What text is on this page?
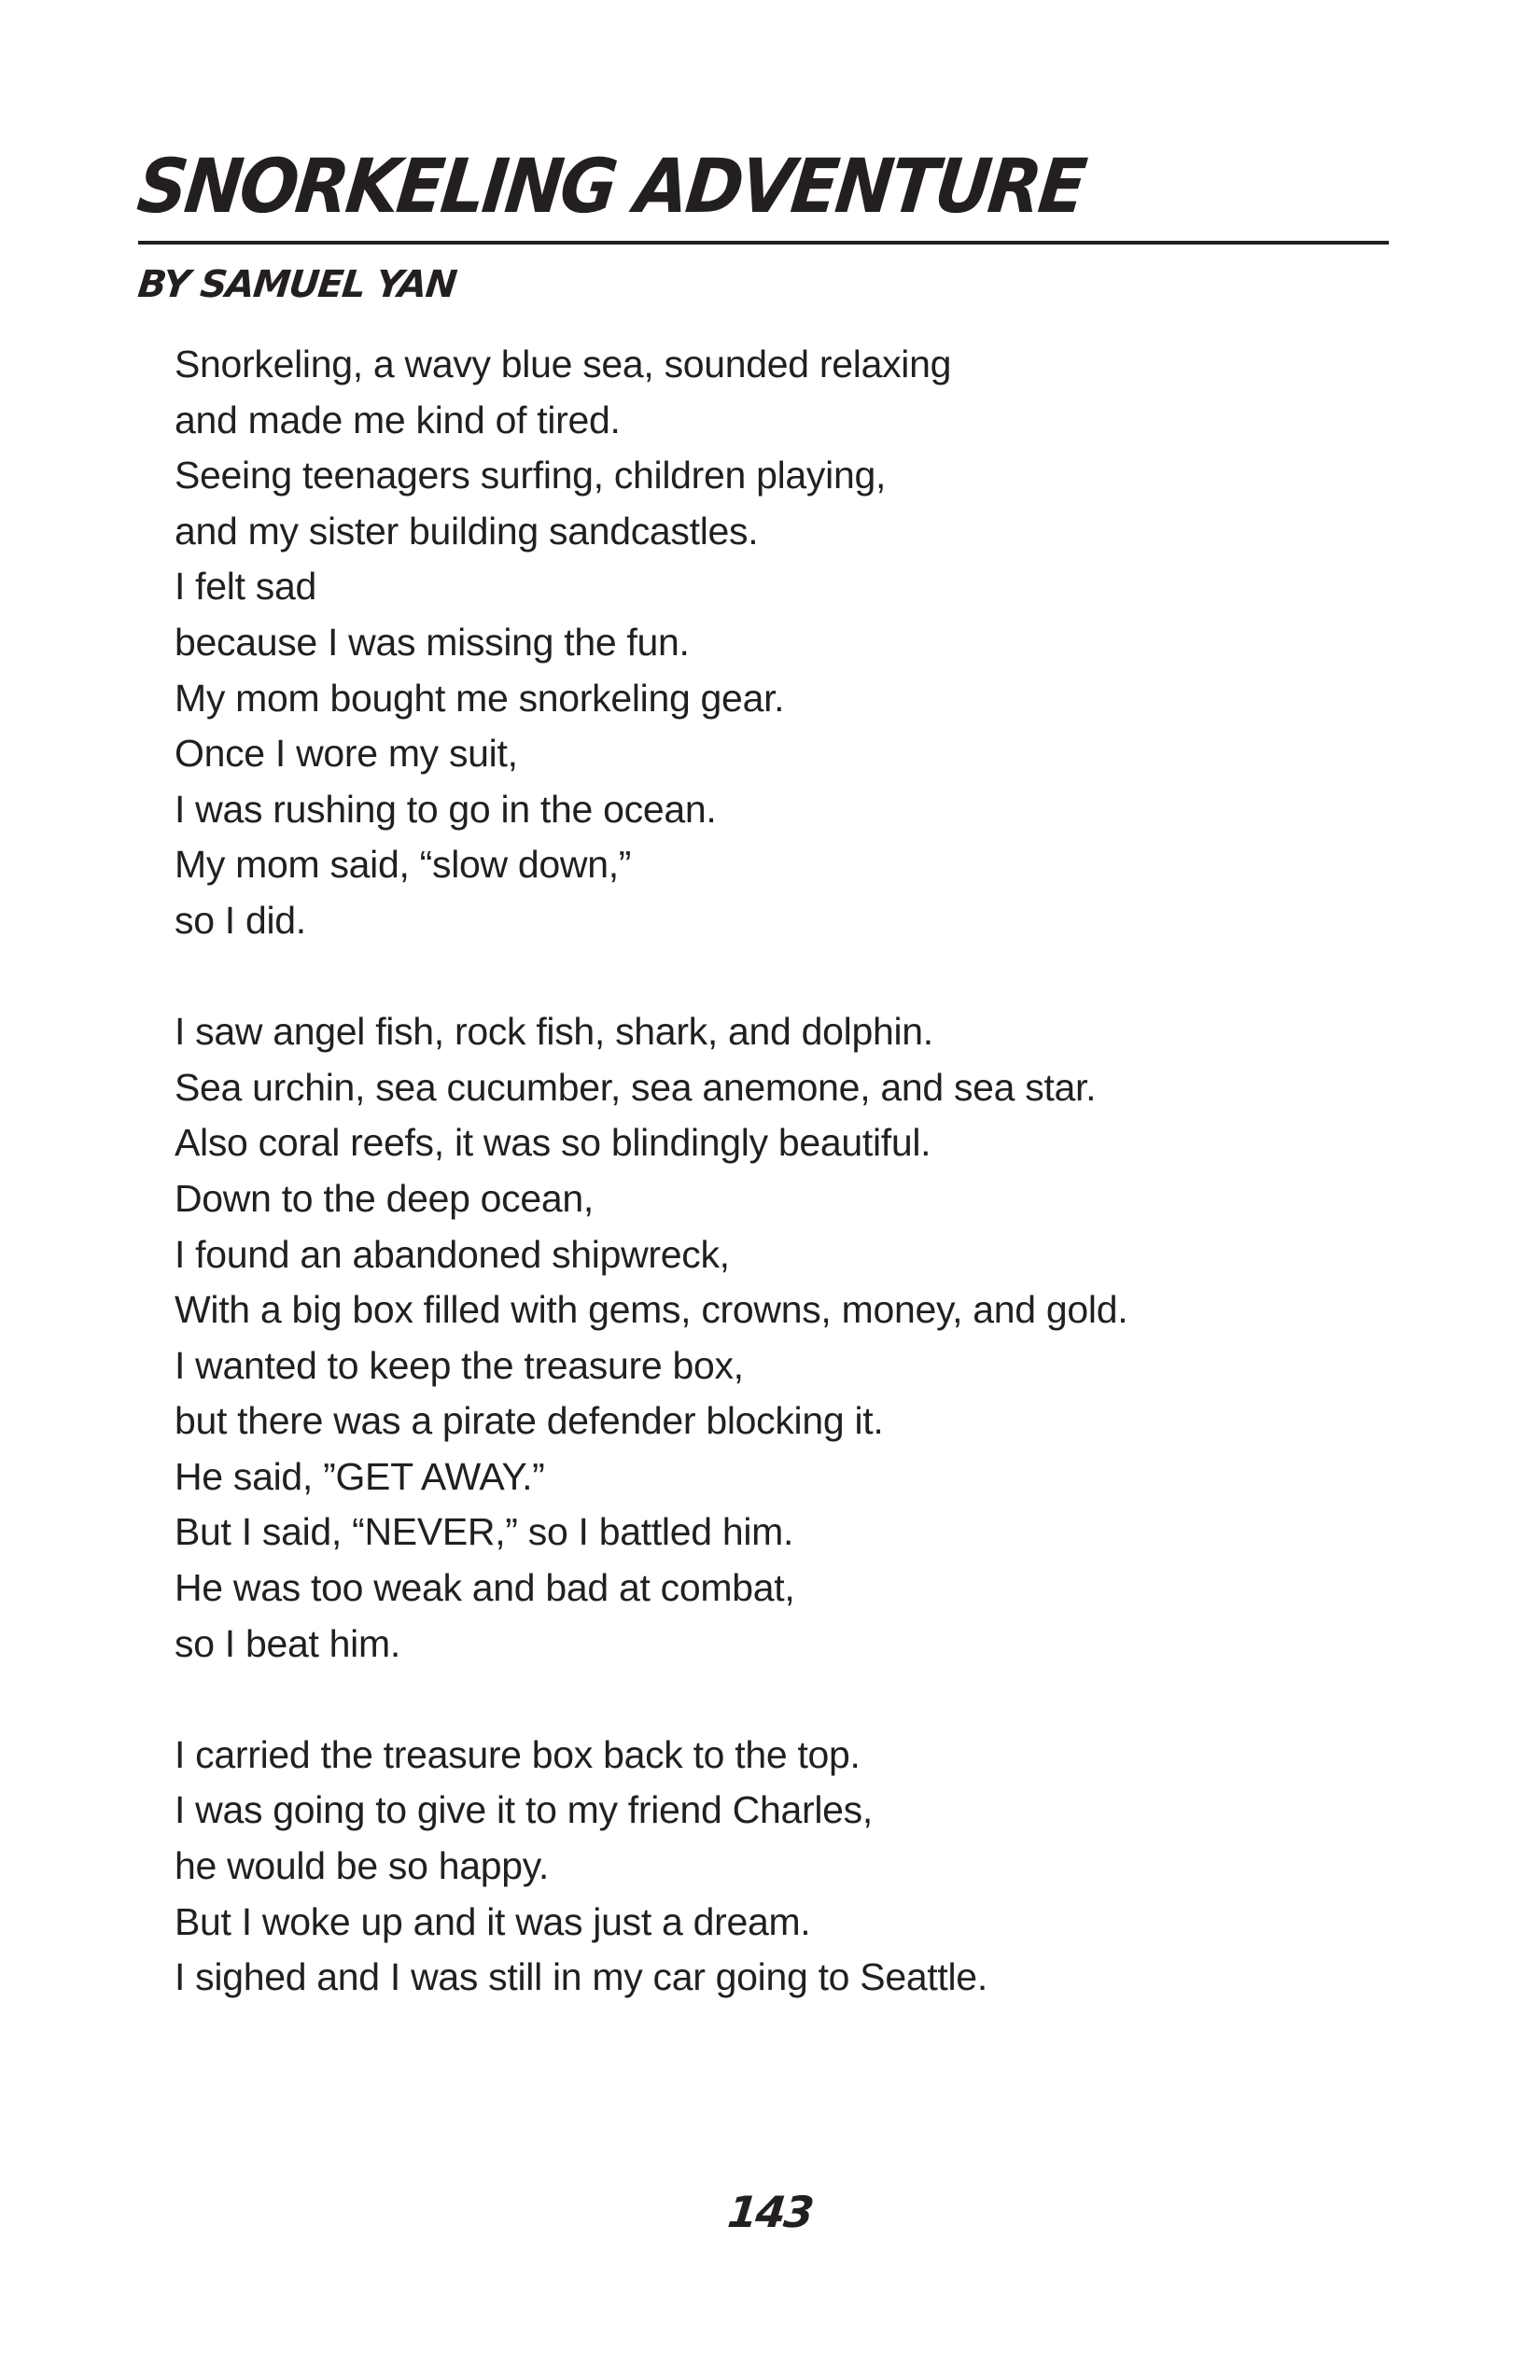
SNORKELING ADVENTURE
BY SAMUEL YAN
Snorkeling, a wavy blue sea, sounded relaxing
and made me kind of tired.
Seeing teenagers surfing, children playing,
and my sister building sandcastles.
I felt sad
because I was missing the fun.
My mom bought me snorkeling gear.
Once I wore my suit,
I was rushing to go in the ocean.
My mom said, “slow down,”
so I did.
I saw angel fish, rock fish, shark, and dolphin.
Sea urchin, sea cucumber, sea anemone, and sea star.
Also coral reefs, it was so blindingly beautiful.
Down to the deep ocean,
I found an abandoned shipwreck,
With a big box filled with gems, crowns, money, and gold.
I wanted to keep the treasure box,
but there was a pirate defender blocking it.
He said, ”GET AWAY.”
But I said, “NEVER,” so I battled him.
He was too weak and bad at combat,
so I beat him.
I carried the treasure box back to the top.
I was going to give it to my friend Charles,
he would be so happy.
But I woke up and it was just a dream.
I sighed and I was still in my car going to Seattle.
143
